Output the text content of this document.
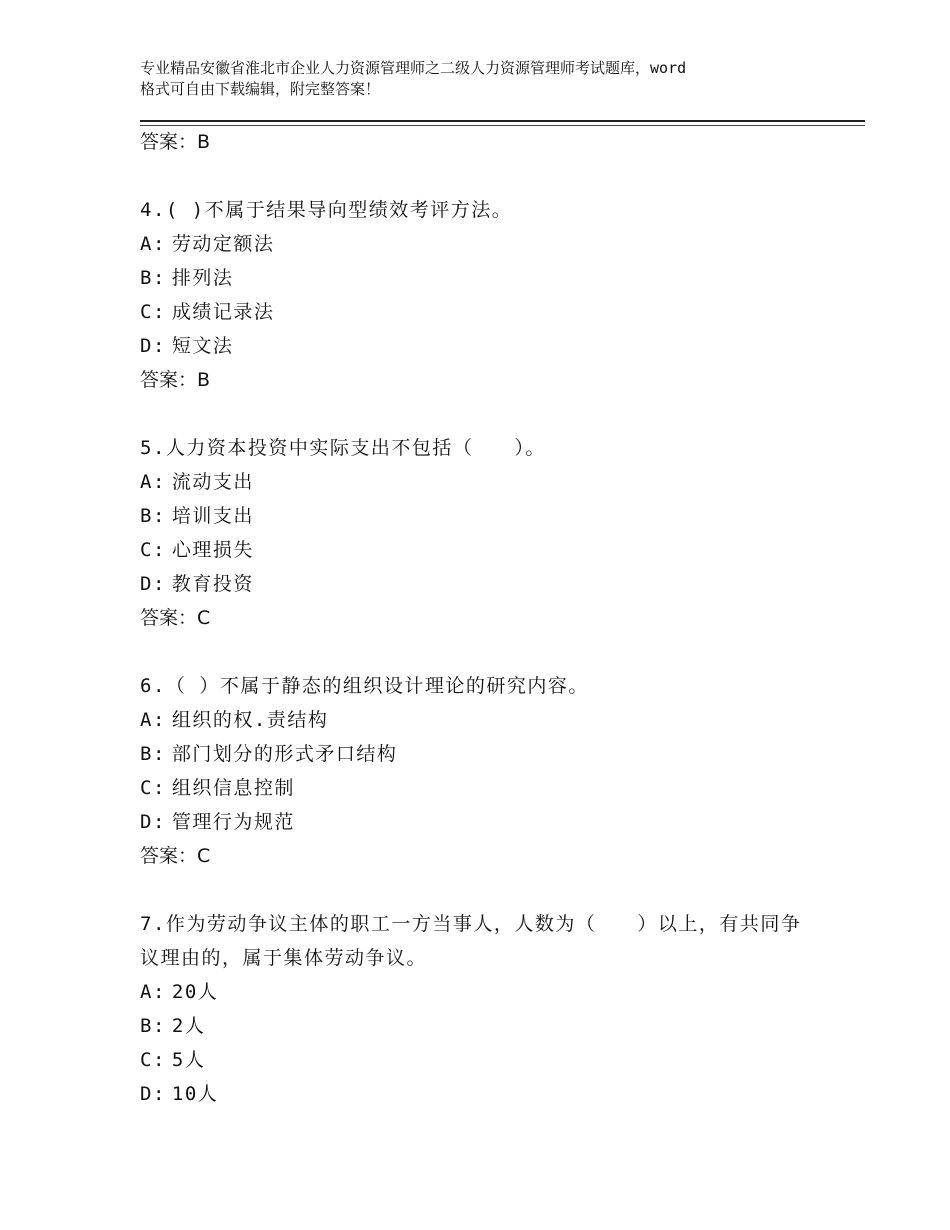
专业精品安徽省淮北市企业人力资源管理师之二级人力资源管理师考试题库，word
格式可自由下载编辑，附完整答案！
答案：B
4.( )不属于结果导向型绩效考评方法。
A: 劳动定额法
B: 排列法
C: 成绩记录法
D: 短文法
答案：B
5.人力资本投资中实际支出不包括（　　）。
A: 流动支出
B: 培训支出
C: 心理损失
D: 教育投资
答案：C
6.（ ）不属于静态的组织设计理论的研究内容。
A: 组织的权.责结构
B: 部门划分的形式矛口结构
C: 组织信息控制
D: 管理行为规范
答案：C
7.作为劳动争议主体的职工一方当事人，人数为（　　）以上，有共同争议理由的，属于集体劳动争议。
A: 20人
B: 2人
C: 5人
D: 10人
